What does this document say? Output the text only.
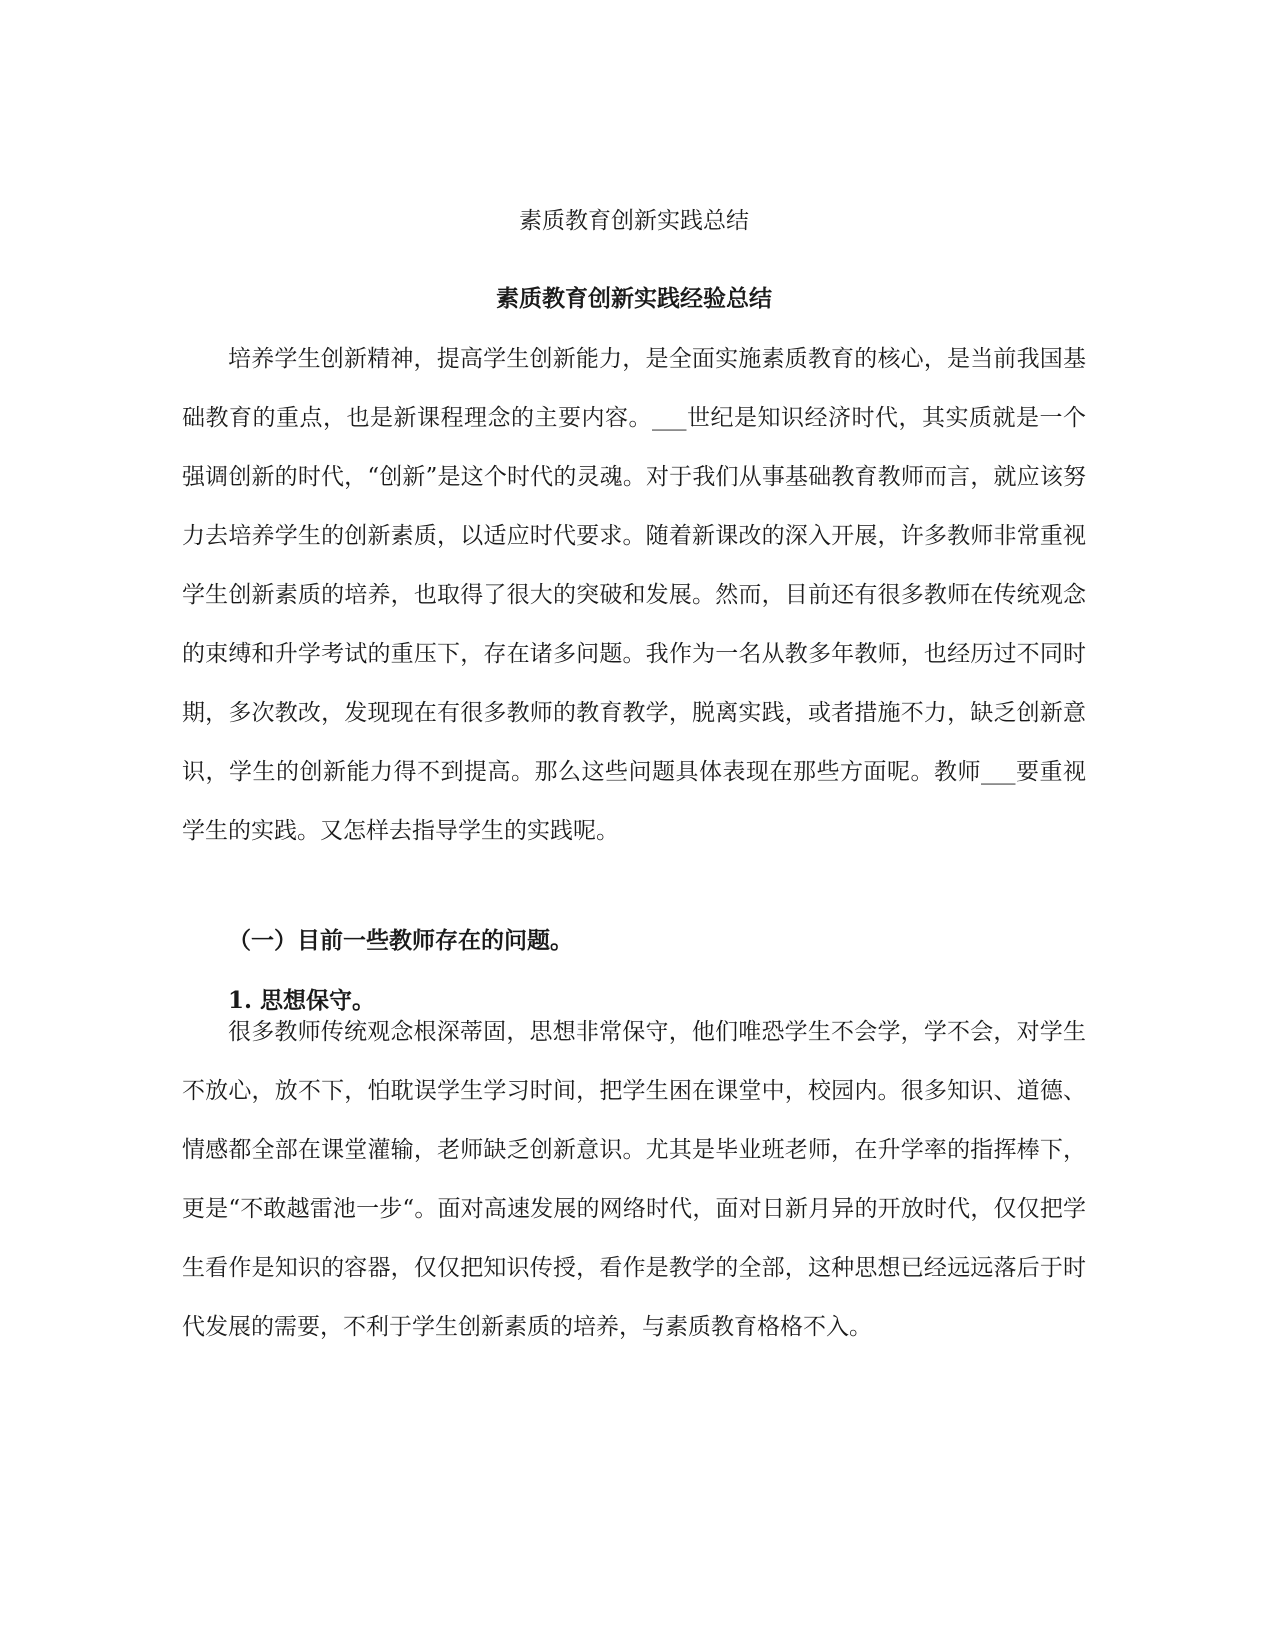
素质教育创新实践总结
素质教育创新实践经验总结

培养学生创新精神，提高学生创新能力，是全面实施素质教育的核心，是当前我国基础教育的重点，也是新课程理念的主要内容。___世纪是知识经济时代，其实质就是一个强调创新的时代，“创新”是这个时代的灵魂。对于我们从事基础教育教师而言，就应该努力去培养学生的创新素质，以适应时代要求。随着新课改的深入开展，许多教师非常重视学生创新素质的培养，也取得了很大的突破和发展。然而，目前还有很多教师在传统观念的束缚和升学考试的重压下，存在诸多问题。我作为一名从教多年教师，也经历过不同时期，多次教改，发现现在有很多教师的教育教学，脱离实践，或者措施不力，缺乏创新意识，学生的创新能力得不到提高。那么这些问题具体表现在那些方面呢。教师___要重视学生的实践。又怎样去指导学生的实践呢。

（一）目前一些教师存在的问题。
1. 思想保守。

很多教师传统观念根深蒂固，思想非常保守，他们唯恐学生不会学，学不会，对学生不放心，放不下，怕耽误学生学习时间，把学生困在课堂中，校园内。很多知识、道德、情感都全部在课堂灌输，老师缺乏创新意识。尤其是毕业班老师，在升学率的指挥棒下，更是“不敢越雷池一步“。面对高速发展的网络时代，面对日新月异的开放时代，仅仅把学生看作是知识的容器，仅仅把知识传授，看作是教学的全部，这种思想已经远远落后于时代发展的需要，不利于学生创新素质的培养，与素质教育格格不入。
